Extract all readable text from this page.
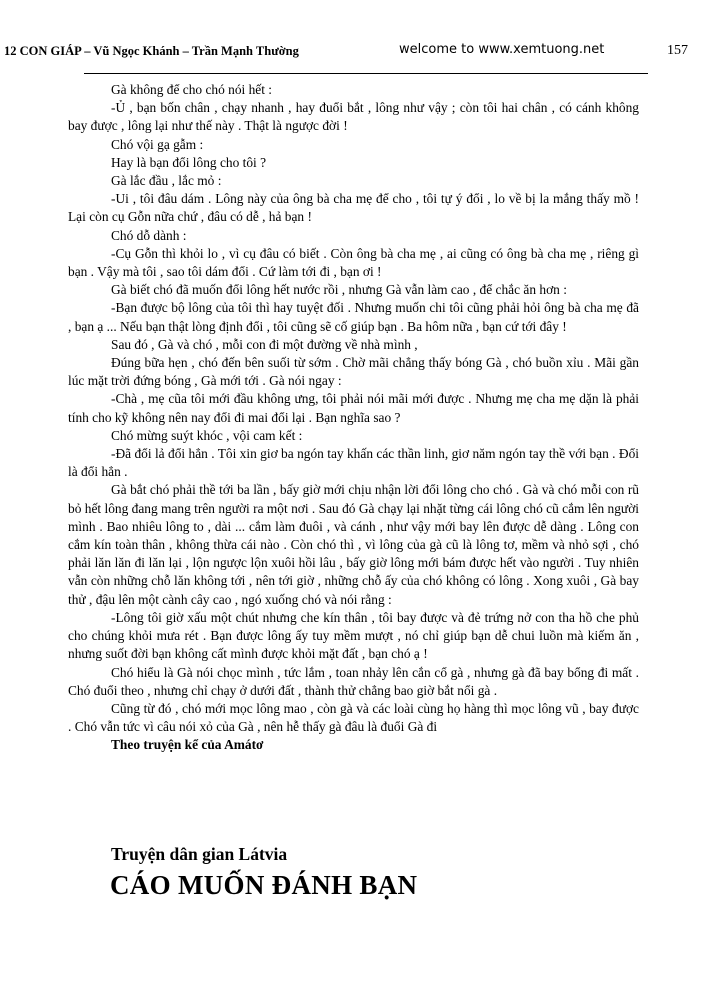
12 CON GIÁP – Vũ Ngọc Khánh – Trần Mạnh Thường	welcome to www.xemtuong.net	157

Gà không để cho chó nói hết :

-Ủ , bạn bốn chân , chạy nhanh , hay đuổi bắt , lông như vậy ; còn tôi hai chân , có cánh không bay được , lông lại như thế này . Thật là ngược đời !

Chó vội gạ gẫm :

Hay là bạn đổi lông cho tôi ?

Gà lắc đầu , lắc mỏ :

-Ui , tôi đâu dám . Lông này của ông bà cha mẹ để cho , tôi tự ý đổi , lo về bị la mắng thấy mồ ! Lại còn cụ Gỗn nữa chứ , đâu có dễ , hả bạn !

Chó dỗ dành :

-Cụ Gỗn thì khỏi lo , vì cụ đâu có biết . Còn ông bà cha mẹ , ai cũng có ông bà cha mẹ , riêng gì bạn . Vậy mà tôi , sao tôi dám đổi . Cứ làm tới đi , bạn ơi !

Gà biết chó đã muốn đổi lông hết nước rồi , nhưng Gà vẫn làm cao , để chắc ăn hơn :

-Bạn được bộ lông của tôi thì hay tuyệt đối . Nhưng muốn chi tôi cũng phải hỏi ông bà cha mẹ đã , bạn ạ ... Nếu bạn thật lòng định đổi , tôi cũng sẽ cố giúp bạn . Ba hôm nữa , bạn cứ tới đây !

Sau đó , Gà và chó , mỗi con đi một đường về nhà mình ,

Đúng bữa hẹn , chó đến bên suối từ sớm . Chờ mãi chẳng thấy bóng Gà , chó buồn xỉu . Mãi gần lúc mặt trời đứng bóng , Gà mới tới . Gà nói ngay :

-Chà , mẹ cũa tôi mới đầu không ưng, tôi phải nói mãi mới được . Nhưng mẹ cha mẹ dặn là phải tính cho kỹ không nên nay đổi đi mai đổi lại . Bạn nghĩa sao ?

Chó mừng suýt khóc , vội cam kết :

-Đã đổi lả đổi hẳn . Tôi xin giơ ba ngón tay khấn các thần linh, giơ năm ngón tay thề với bạn . Đổi là đổi hẳn .

Gà bắt chó phải thề tới ba lần , bấy giờ mới chịu nhận lời đổi lông cho chó . Gà và chó mỗi con rũ bỏ hết lông đang mang trên người ra một nơi . Sau đó Gà chạy lại nhặt từng cái lông chó cũ cắm lên người mình . Bao nhiêu lông to , dài ... cắm làm đuôi , và cánh , như vậy mới bay lên được dễ dàng . Lông con cắm kín toàn thân , không thừa cái nào . Còn chó thì , vì lông của gà cũ là lông tơ, mềm và nhỏ sợi , chó phải lăn lăn đi lăn lại , lộn ngược lộn xuôi hồi lâu , bấy giờ lông mới bám được hết vào người . Tuy nhiên vẫn còn những chỗ lăn không tới , nên tới giờ , những chỗ ấy của chó không có lông . Xong xuôi , Gà bay thử , đậu lên một cành cây cao , ngó xuống chó và nói rằng :

-Lông tôi giờ xấu một chút nhưng che kín thân , tôi bay được và đẻ trứng nở con tha hồ che phủ cho chúng khỏi mưa rét . Bạn được lông ấy tuy mềm mượt , nó chỉ giúp bạn dễ chui luồn mà kiếm ăn , nhưng suốt đời bạn không cất mình được khỏi mặt đất , bạn chó ạ !

Chó hiểu là Gà nói chọc mình , tức lắm , toan nhảy lên cắn cổ gà , nhưng gà đã bay bổng đi mất . Chó đuổi theo , nhưng chỉ chạy ở dưới đất , thành thử chẳng bao giờ bắt nổi gà .

Cũng từ đó , chó mới mọc lông mao , còn gà và các loài cùng họ hàng thì mọc lông vũ , bay được . Chó vẫn tức vì câu nói xỏ của Gà , nên hễ thấy gà đâu là đuổi Gà đi

Theo truyện kể của Amátơ

Truyện dân gian Látvia
CÁO MUỐN ĐÁNH BẠN
